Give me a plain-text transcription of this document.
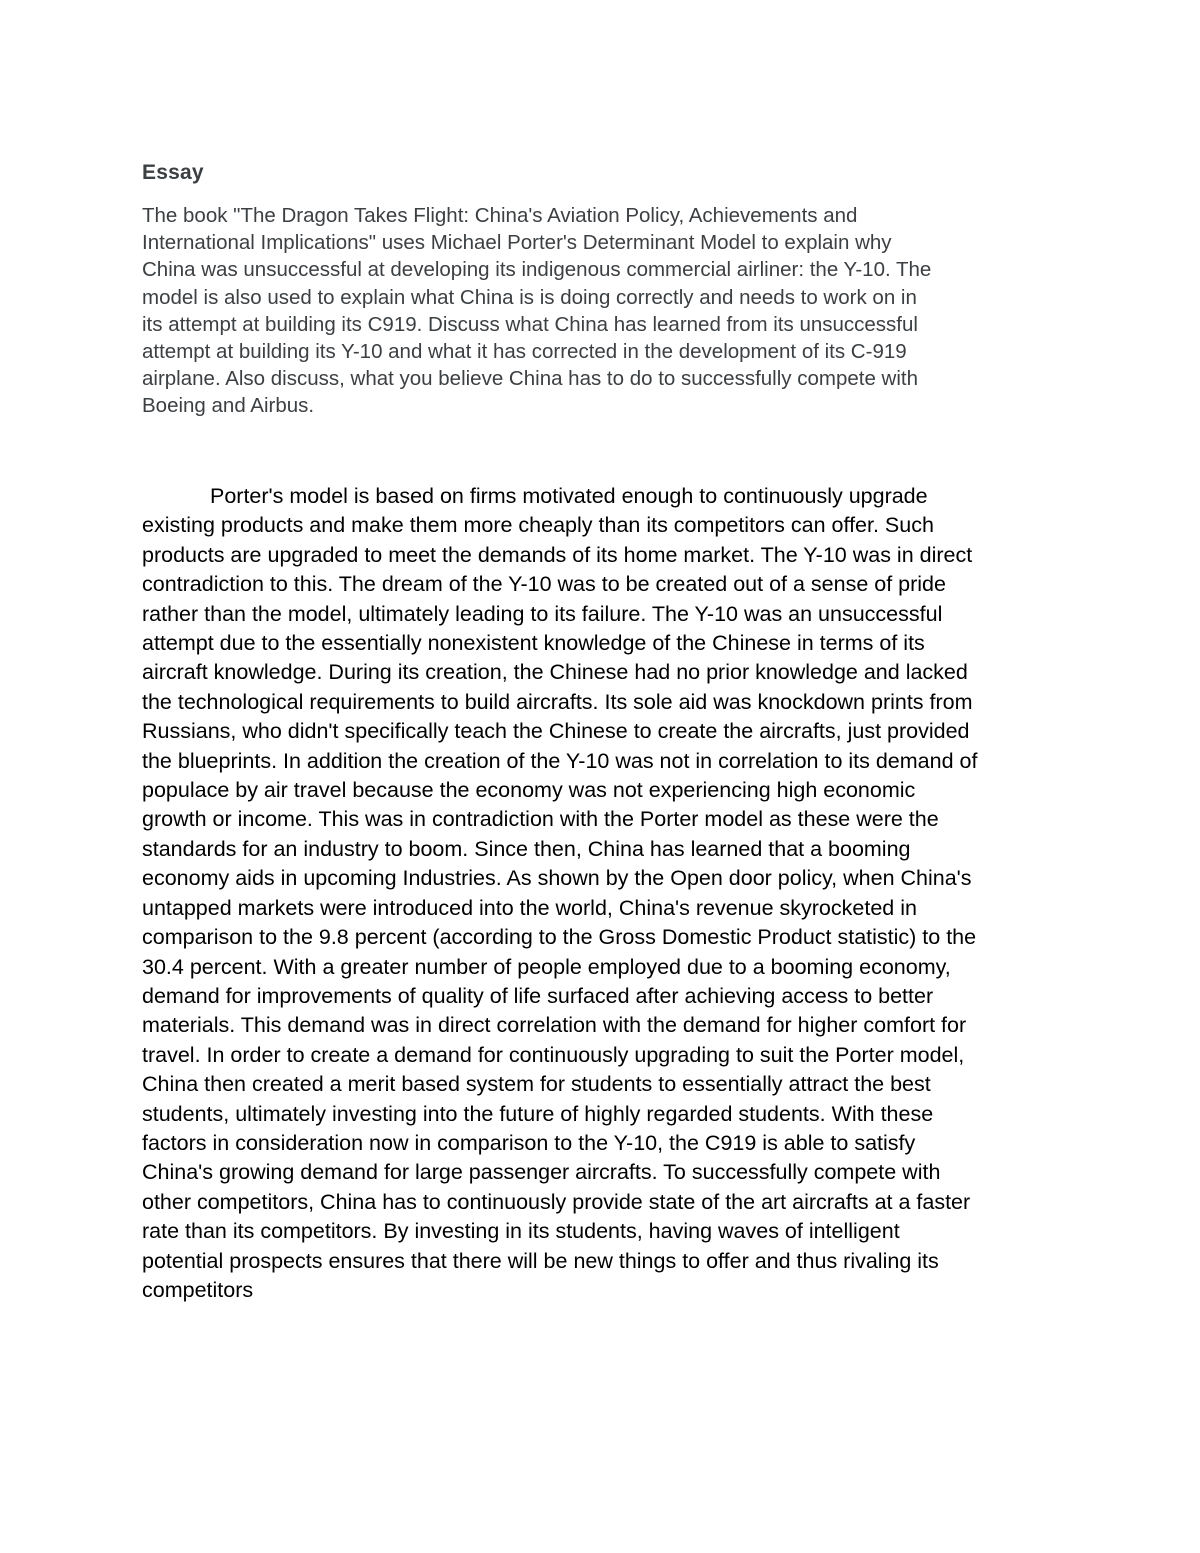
Essay

The book "The Dragon Takes Flight: China's Aviation Policy, Achievements and
International Implications" uses Michael Porter's Determinant Model to explain why
China was unsuccessful at developing its indigenous commercial airliner: the Y-10. The
model is also used to explain what China is is doing correctly and needs to work on in
its attempt at building its C919. Discuss what China has learned from its unsuccessful
attempt at building its Y-10 and what it has corrected in the development of its C-919
airplane. Also discuss, what you believe China has to do to successfully compete with
Boeing and Airbus.

Porter's model is based on firms motivated enough to continuously upgrade
existing products and make them more cheaply than its competitors can offer. Such
products are upgraded to meet the demands of its home market. The Y-10 was in direct
contradiction to this. The dream of the Y-10 was to be created out of a sense of pride
rather than the model, ultimately leading to its failure. The Y-10 was an unsuccessful
attempt due to the essentially nonexistent knowledge of the Chinese in terms of its
aircraft knowledge. During its creation, the Chinese had no prior knowledge and lacked
the technological requirements to build aircrafts. Its sole aid was knockdown prints from
Russians, who didn't specifically teach the Chinese to create the aircrafts, just provided
the blueprints. In addition the creation of the Y-10 was not in correlation to its demand of
populace by air travel because the economy was not experiencing high economic
growth or income. This was in contradiction with the Porter model as these were the
standards for an industry to boom. Since then, China has learned that a booming
economy aids in upcoming Industries. As shown by the Open door policy, when China's
untapped markets were introduced into the world, China's revenue skyrocketed in
comparison to the 9.8 percent (according to the Gross Domestic Product statistic) to the
30.4 percent. With a greater number of people employed due to a booming economy,
demand for improvements of quality of life surfaced after achieving access to better
materials. This demand was in direct correlation with the demand for higher comfort for
travel. In order to create a demand for continuously upgrading to suit the Porter model,
China then created a merit based system for students to essentially attract the best
students, ultimately investing into the future of highly regarded students. With these
factors in consideration now in comparison to the Y-10, the C919 is able to satisfy
China's growing demand for large passenger aircrafts. To successfully compete with
other competitors, China has to continuously provide state of the art aircrafts at a faster
rate than its competitors. By investing in its students, having waves of intelligent
potential prospects ensures that there will be new things to offer and thus rivaling its
competitors
